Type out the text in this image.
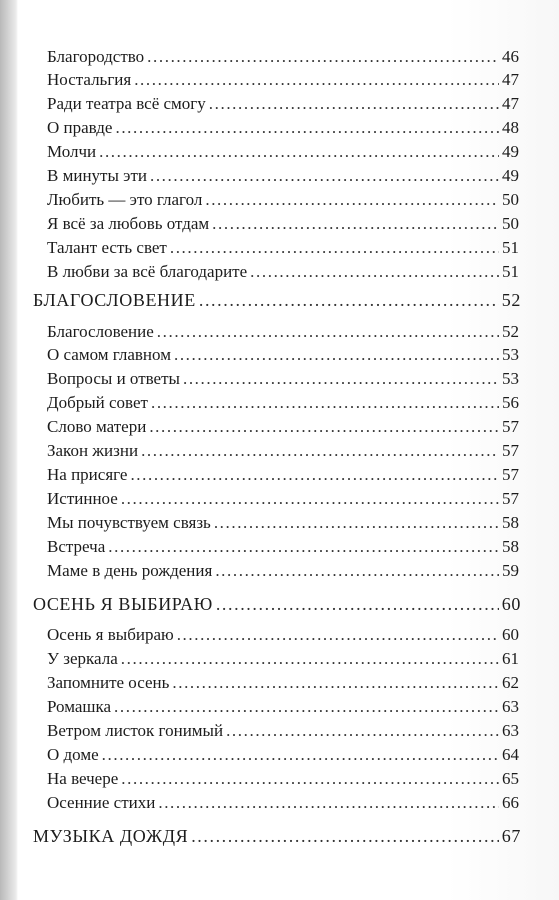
Благородство .....	46
Ностальгия .....	47
Ради театра всё смогу .....	47
О правде .....	48
Молчи .....	49
В минуты эти .....	49
Любить — это глагол .....	50
Я всё за любовь отдам .....	50
Талант есть свет .....	51
В любви за всё благодарите .....	51
БЛАГОСЛОВЕНИЕ .....	52
Благословение .....	52
О самом главном .....	53
Вопросы и ответы .....	53
Добрый совет .....	56
Слово матери .....	57
Закон жизни .....	57
На присяге .....	57
Истинное .....	57
Мы почувствуем связь .....	58
Встреча .....	58
Маме в день рождения .....	59
ОСЕНЬ Я ВЫБИРАЮ .....	60
Осень я выбираю .....	60
У зеркала .....	61
Запомните осень .....	62
Ромашка .....	63
Ветром листок гонимый .....	63
О доме .....	64
На вечере .....	65
Осенние стихи .....	66
МУЗЫКА ДОЖДЯ .....	67
